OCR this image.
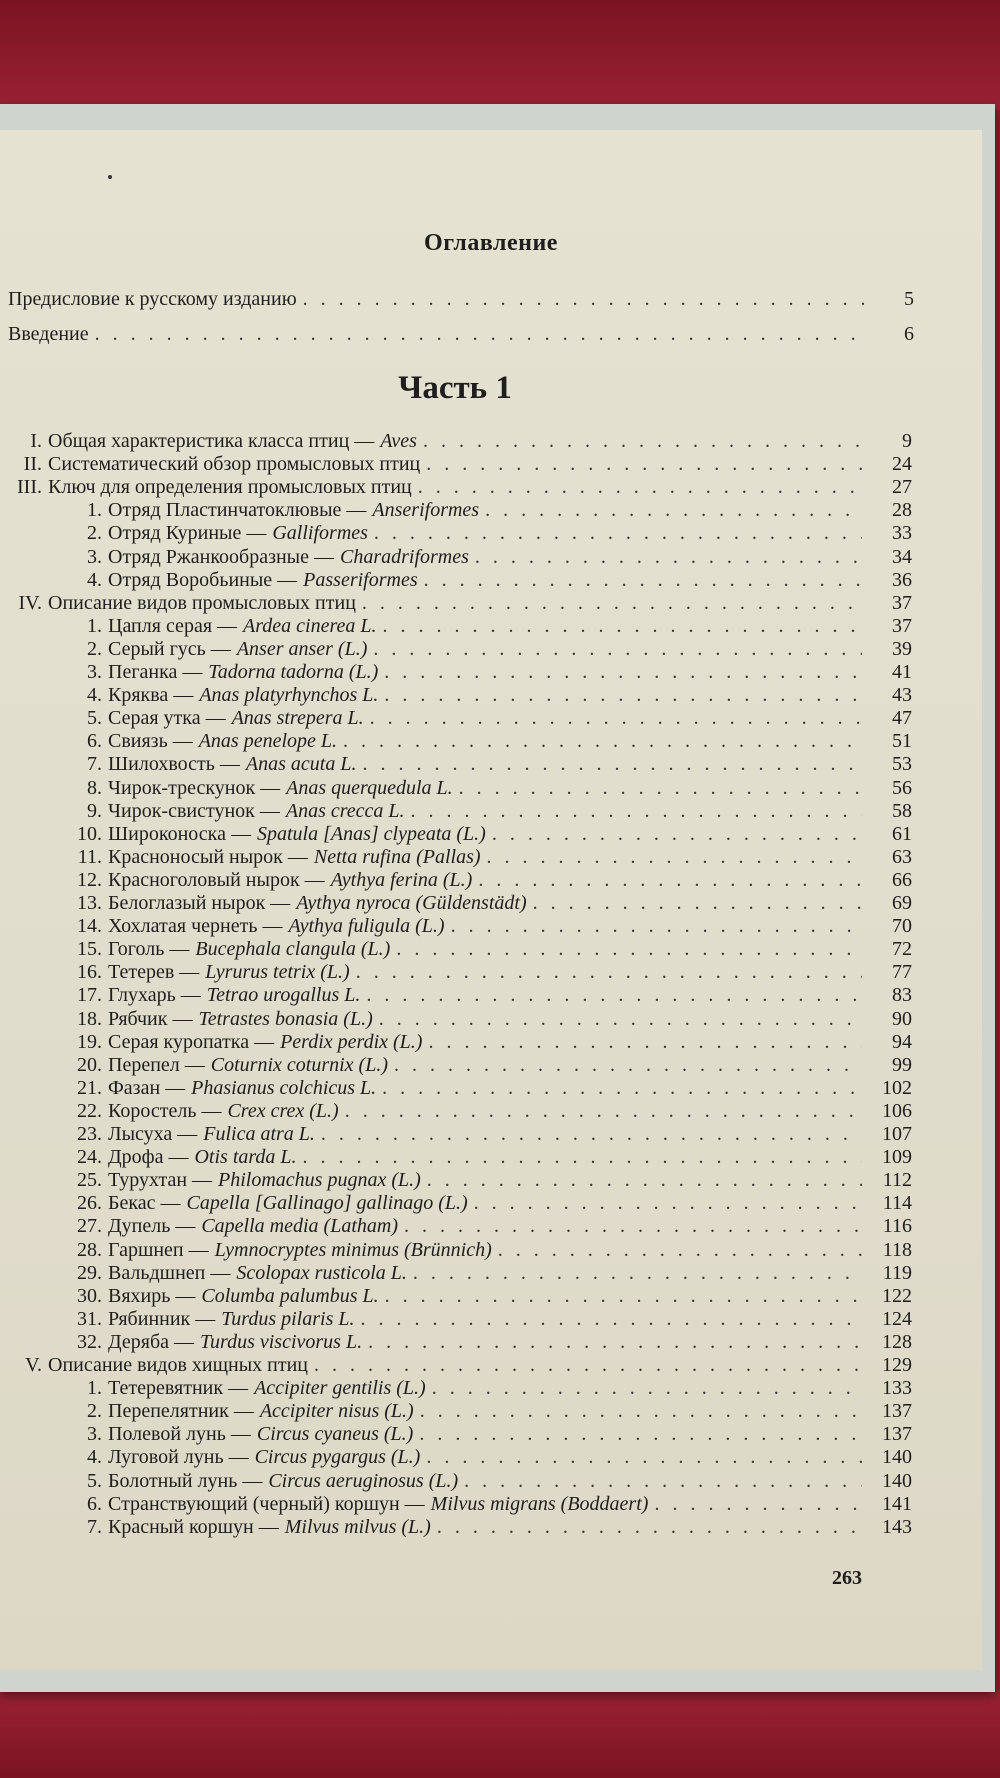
Оглавление
Предисловие к русскому изданию . . .	5
Введение . . .	6
Часть 1
I. Общая характеристика класса птиц — Aves . . .	9
II. Систематический обзор промысловых птиц . . .	24
III. Ключ для определения промысловых птиц . . .	27
1. Отряд Пластинчатоклювые — Anseriformes . . .	28
2. Отряд Куриные — Galliformes . . .	33
3. Отряд Ржанкообразные — Charadriformes . . .	34
4. Отряд Воробьиные — Passeriformes . . .	36
IV. Описание видов промысловых птиц . . .	37
1. Цапля серая — Ardea cinerea L. . . .	37
2. Серый гусь — Anser anser (L.) . . .	39
3. Пеганка — Tadorna tadorna (L.) . . .	41
4. Кряква — Anas platyrhynchos L. . . .	43
5. Серая утка — Anas strepera L. . . .	47
6. Свиязь — Anas penelope L. . . .	51
7. Шилохвость — Anas acuta L. . . .	53
8. Чирок-трескунок — Anas querquedula L. . . .	56
9. Чирок-свистунок — Anas crecca L. . . .	58
10. Широконоска — Spatula [Anas] clypeata (L.) . . .	61
11. Красноносый нырок — Netta rufina (Pallas) . . .	63
12. Красноголовый нырок — Aythya ferina (L.) . . .	66
13. Белоглазый нырок — Aythya nyroca (Güldenstädt) . . .	69
14. Хохлатая чернеть — Aythya fuligula (L.) . . .	70
15. Гоголь — Bucephala clangula (L.) . . .	72
16. Тетерев — Lyrurus tetrix (L.) . . .	77
17. Глухарь — Tetrao urogallus L. . . .	83
18. Рябчик — Tetrastes bonasia (L.) . . .	90
19. Серая куропатка — Perdix perdix (L.) . . .	94
20. Перепел — Coturnix coturnix (L.) . . .	99
21. Фазан — Phasianus colchicus L. . . .	102
22. Коростель — Crex crex (L.) . . .	106
23. Лысуха — Fulica atra L. . . .	107
24. Дрофа — Otis tarda L. . . .	109
25. Турухтан — Philomachus pugnax (L.) . . .	112
26. Бекас — Capella [Gallinago] gallinago (L.) . . .	114
27. Дупель — Capella media (Latham) . . .	116
28. Гаршнеп — Lymnocryptes minimus (Brünnich) . . .	118
29. Вальдшнеп — Scolopax rusticola L. . . .	119
30. Вяхирь — Columba palumbus L. . . .	122
31. Рябинник — Turdus pilaris L. . . .	124
32. Деряба — Turdus viscivorus L. . . .	128
V. Описание видов хищных птиц . . .	129
1. Тетеревятник — Accipiter gentilis (L.) . . .	133
2. Перепелятник — Accipiter nisus (L.) . . .	137
3. Полевой лунь — Circus cyaneus (L.) . . .	137
4. Луговой лунь — Circus pygargus (L.) . . .	140
5. Болотный лунь — Circus aeruginosus (L.) . . .	140
6. Странствующий (черный) коршун — Milvus migrans (Boddaert) . . .	141
7. Красный коршун — Milvus milvus (L.) . . .	143
263
